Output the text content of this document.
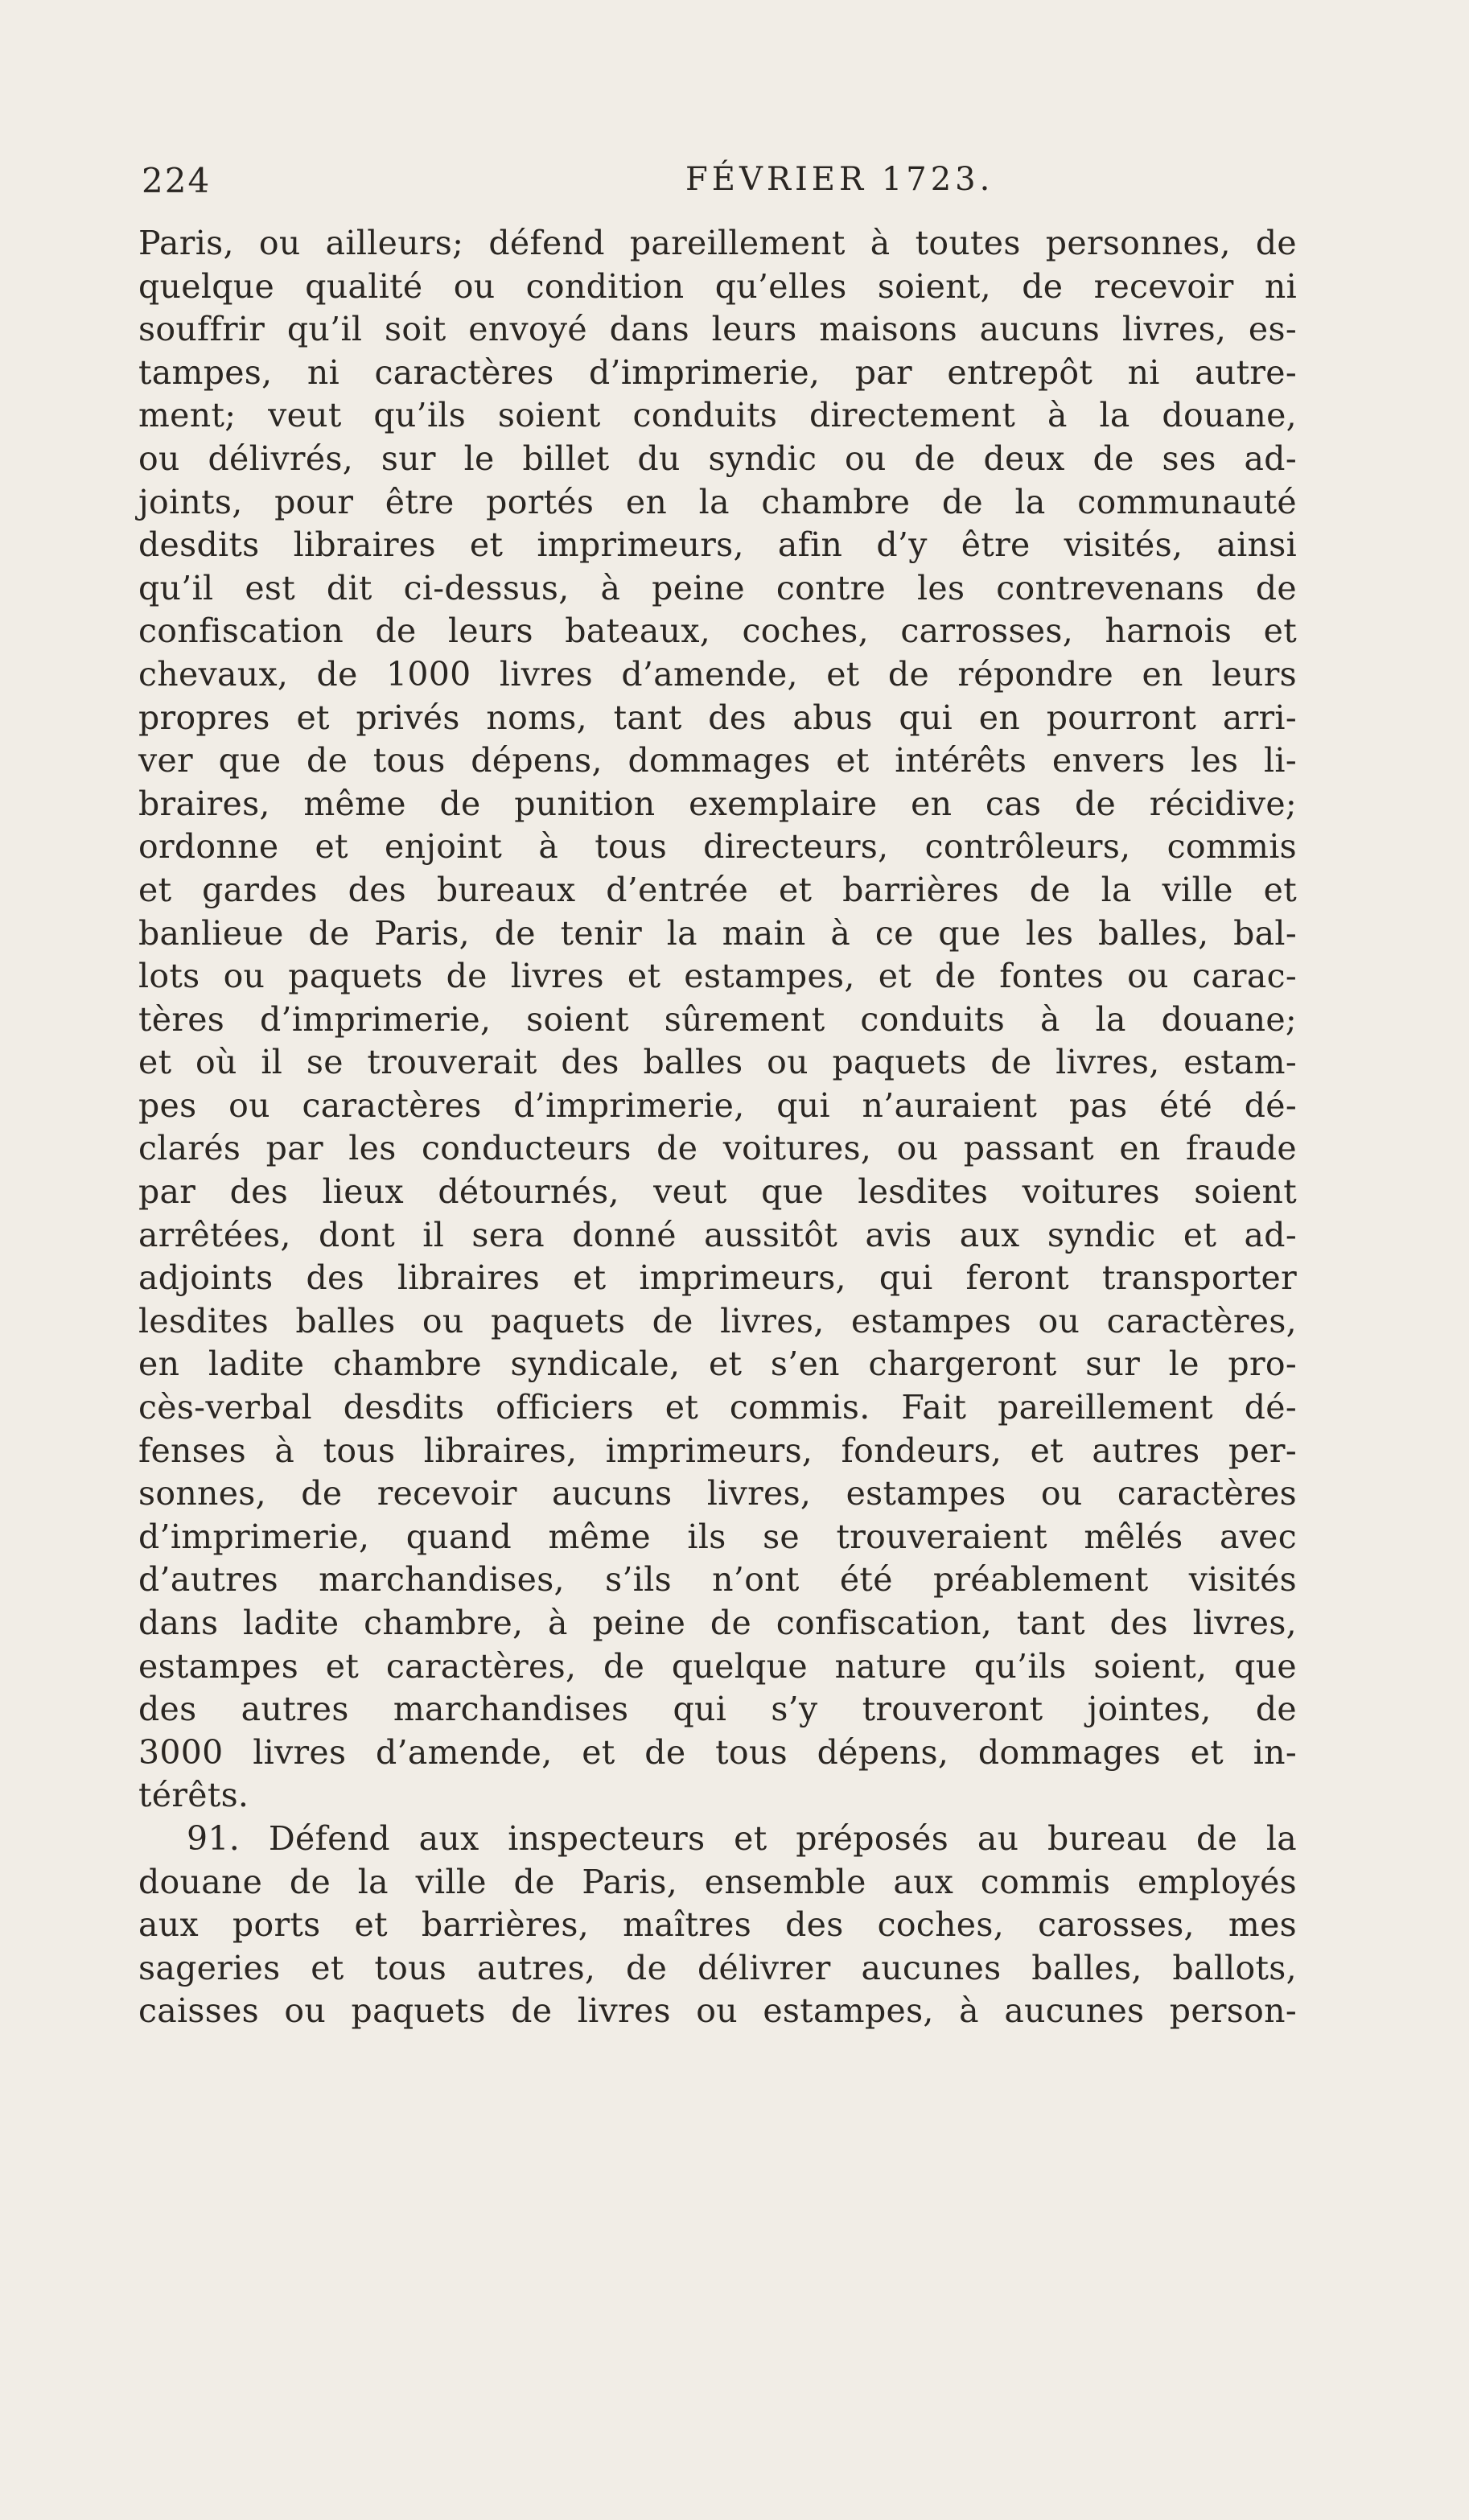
224	FÉVRIER 1723.
Paris, ou ailleurs; défend pareillement à toutes personnes, de
quelque qualité ou condition qu’elles soient, de recevoir ni
souffrir qu’il soit envoyé dans leurs maisons aucuns livres, es-
tampes, ni caractères d’imprimerie, par entrepôt ni autre-
ment; veut qu’ils soient conduits directement à la douane,
ou délivrés, sur le billet du syndic ou de deux de ses ad-
joints, pour être portés en la chambre de la communauté
desdits libraires et imprimeurs, afin d’y être visités, ainsi
qu’il est dit ci-dessus, à peine contre les contrevenans de
confiscation de leurs bateaux, coches, carrosses, harnois et
chevaux, de 1000 livres d’amende, et de répondre en leurs
propres et privés noms, tant des abus qui en pourront arri-
ver que de tous dépens, dommages et intérêts envers les li-
braires, même de punition exemplaire en cas de récidive;
ordonne et enjoint à tous directeurs, contrôleurs, commis
et gardes des bureaux d’entrée et barrières de la ville et
banlieue de Paris, de tenir la main à ce que les balles, bal-
lots ou paquets de livres et estampes, et de fontes ou carac-
tères d’imprimerie, soient sûrement conduits à la douane;
et où il se trouverait des balles ou paquets de livres, estam-
pes ou caractères d’imprimerie, qui n’auraient pas été dé-
clarés par les conducteurs de voitures, ou passant en fraude
par des lieux détournés, veut que lesdites voitures soient
arrêtées, dont il sera donné aussitôt avis aux syndic et ad-
adjoints des libraires et imprimeurs, qui feront transporter
lesdites balles ou paquets de livres, estampes ou caractères,
en ladite chambre syndicale, et s’en chargeront sur le pro-
cès-verbal desdits officiers et commis. Fait pareillement dé-
fenses à tous libraires, imprimeurs, fondeurs, et autres per-
sonnes, de recevoir aucuns livres, estampes ou caractères
d’imprimerie, quand même ils se trouveraient mêlés avec
d’autres marchandises, s’ils n’ont été préablement visités
dans ladite chambre, à peine de confiscation, tant des livres,
estampes et caractères, de quelque nature qu’ils soient, que
des autres marchandises qui s’y trouveront jointes, de
3000 livres d’amende, et de tous dépens, dommages et in-
térêts.
91. Défend aux inspecteurs et préposés au bureau de la
douane de la ville de Paris, ensemble aux commis employés
aux ports et barrières, maîtres des coches, carosses, mes
sageries et tous autres, de délivrer aucunes balles, ballots,
caisses ou paquets de livres ou estampes, à aucunes person-
